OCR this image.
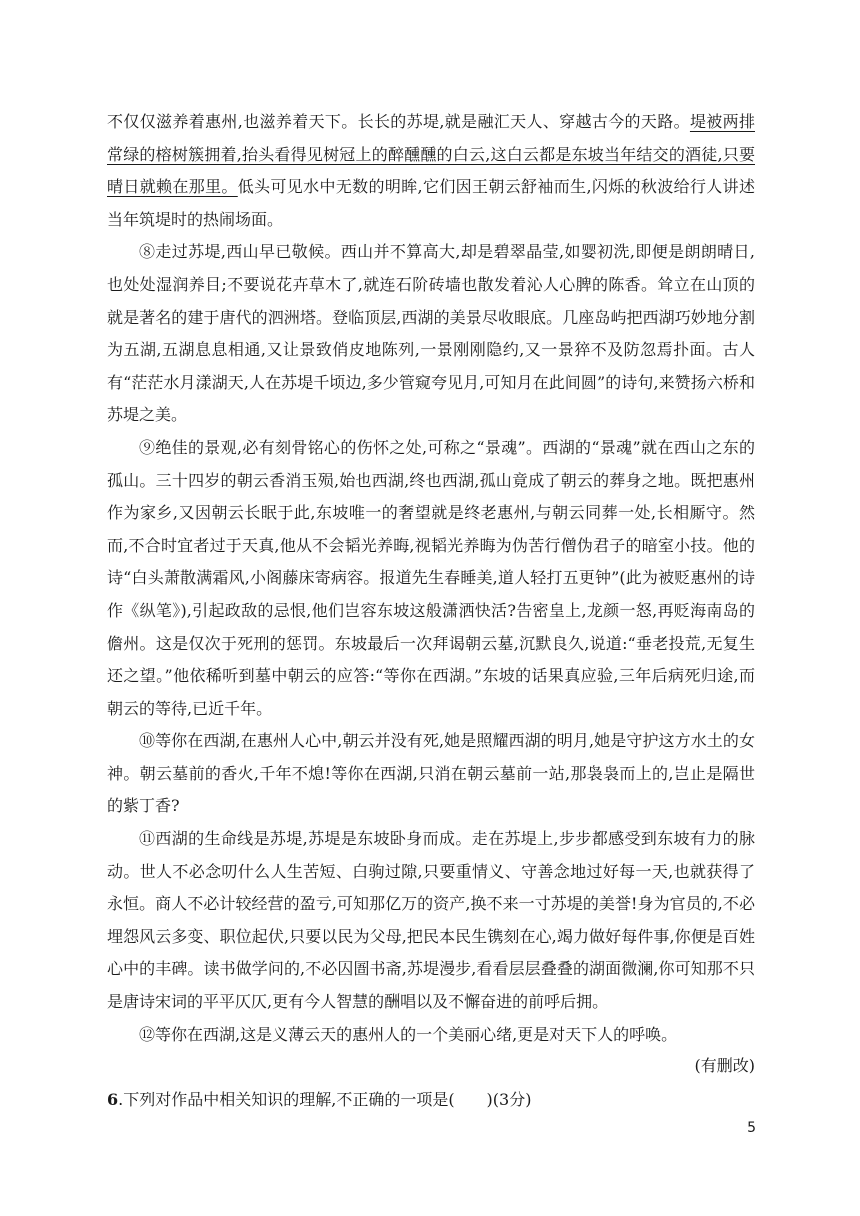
不仅仅滋养着惠州,也滋养着天下。长长的苏堤,就是融汇天人、穿越古今的天路。堤被两排常绿的榕树簇拥着,抬头看得见树冠上的醉醺醺的白云,这白云都是东坡当年结交的酒徒,只要晴日就赖在那里。低头可见水中无数的明眸,它们因王朝云舒袖而生,闪烁的秋波给行人讲述当年筑堤时的热闹场面。

⑧走过苏堤,西山早已敬候。西山并不算高大,却是碧翠晶莹,如婴初洗,即便是朗朗晴日,也处处湿润养目;不要说花卉草木了,就连石阶砖墙也散发着沁人心脾的陈香。耸立在山顶的就是著名的建于唐代的泗洲塔。登临顶层,西湖的美景尽收眼底。几座岛屿把西湖巧妙地分割为五湖,五湖息息相通,又让景致俏皮地陈列,一景刚刚隐约,又一景猝不及防忽焉扑面。古人有“茫茫水月漾湖天,人在苏堤千顷边,多少管窥夸见月,可知月在此间圆”的诗句,来赞扬六桥和苏堤之美。

⑨绝佳的景观,必有刻骨铭心的伤怀之处,可称之“景魂”。西湖的“景魂”就在西山之东的孤山。三十四岁的朝云香消玉殒,始也西湖,终也西湖,孤山竟成了朝云的葬身之地。既把惠州作为家乡,又因朝云长眠于此,东坡唯一的奢望就是终老惠州,与朝云同葬一处,长相厮守。然而,不合时宜者过于天真,他从不会韬光养晦,视韬光养晦为伪苦行僧伪君子的暗室小技。他的诗“白头萧散满霜风,小阁藤床寄病容。报道先生春睡美,道人轻打五更钟”(此为被贬惠州的诗作《纵笔》),引起政敌的忌恨,他们岂容东坡这般潇洒快活?告密皇上,龙颜一怒,再贬海南岛的儋州。这是仅次于死刑的惩罚。东坡最后一次拜谒朝云墓,沉默良久,说道:“垂老投荒,无复生还之望。”他依稀听到墓中朝云的应答:“等你在西湖。”东坡的话果真应验,三年后病死归途,而朝云的等待,已近千年。

⑩等你在西湖,在惠州人心中,朝云并没有死,她是照耀西湖的明月,她是守护这方水土的女神。朝云墓前的香火,千年不熄!等你在西湖,只消在朝云墓前一站,那袅袅而上的,岂止是隔世的紫丁香?

⑪西湖的生命线是苏堤,苏堤是东坡卧身而成。走在苏堤上,步步都感受到东坡有力的脉动。世人不必念叨什么人生苦短、白驹过隙,只要重情义、守善念地过好每一天,也就获得了永恒。商人不必计较经营的盈亏,可知那亿万的资产,换不来一寸苏堤的美誉!身为官员的,不必埋怨风云多变、职位起伏,只要以民为父母,把民本民生镌刻在心,竭力做好每件事,你便是百姓心中的丰碑。读书做学问的,不必囚圄书斋,苏堤漫步,看看层层叠叠的湖面微澜,你可知那不只是唐诗宋词的平平仄仄,更有今人智慧的酬唱以及不懈奋进的前呼后拥。

⑫等你在西湖,这是义薄云天的惠州人的一个美丽心绪,更是对天下人的呼唤。

(有删改)

6.下列对作品中相关知识的理解,不正确的一项是(　　)(3分)

5
